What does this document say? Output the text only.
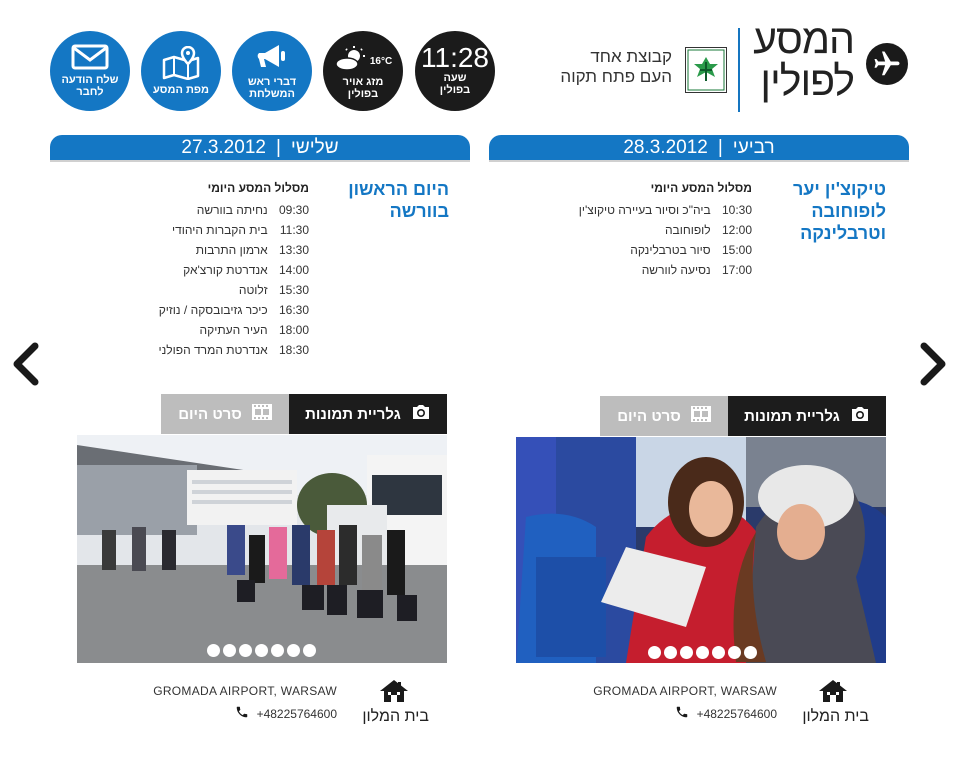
המסע
לפולין
קבוצת אחד
העם פתח תקוה
11:28
שעה
בפולין
16°C
מזג אויר
בפולין
דברי ראש
המשלחת
מפת המסע
שלח הודעה
לחבר
רביעי
|
28.3.2012
שלישי
|
27.3.2012
טיקוצ'ין יער
לופוחובה
וטרבלינקה
מסלול המסע היומי
10:30 ביה"כ וסיור בעיירה טיקוצ'ין
12:00 לופוחובה
15:00 סיור בטרבלינקה
17:00 נסיעה לוורשה
היום הראשון
בוורשה
מסלול המסע היומי
09:30 נחיתה בוורשה
11:30 בית הקברות היהודי
13:30 ארמון התרבות
14:00 אנדרטת קורצ'אק
15:30 זלוטה
16:30 כיכר גזיבובסקה / נוזיק
18:00 העיר העתיקה
18:30 אנדרטת המרד הפולני
גלריית תמונות
סרט היום
בית המלון
GROMADA AIRPORT, WARSAW
+48225764600
גלריית תמונות
סרט היום
בית המלון
GROMADA AIRPORT, WARSAW
+48225764600
